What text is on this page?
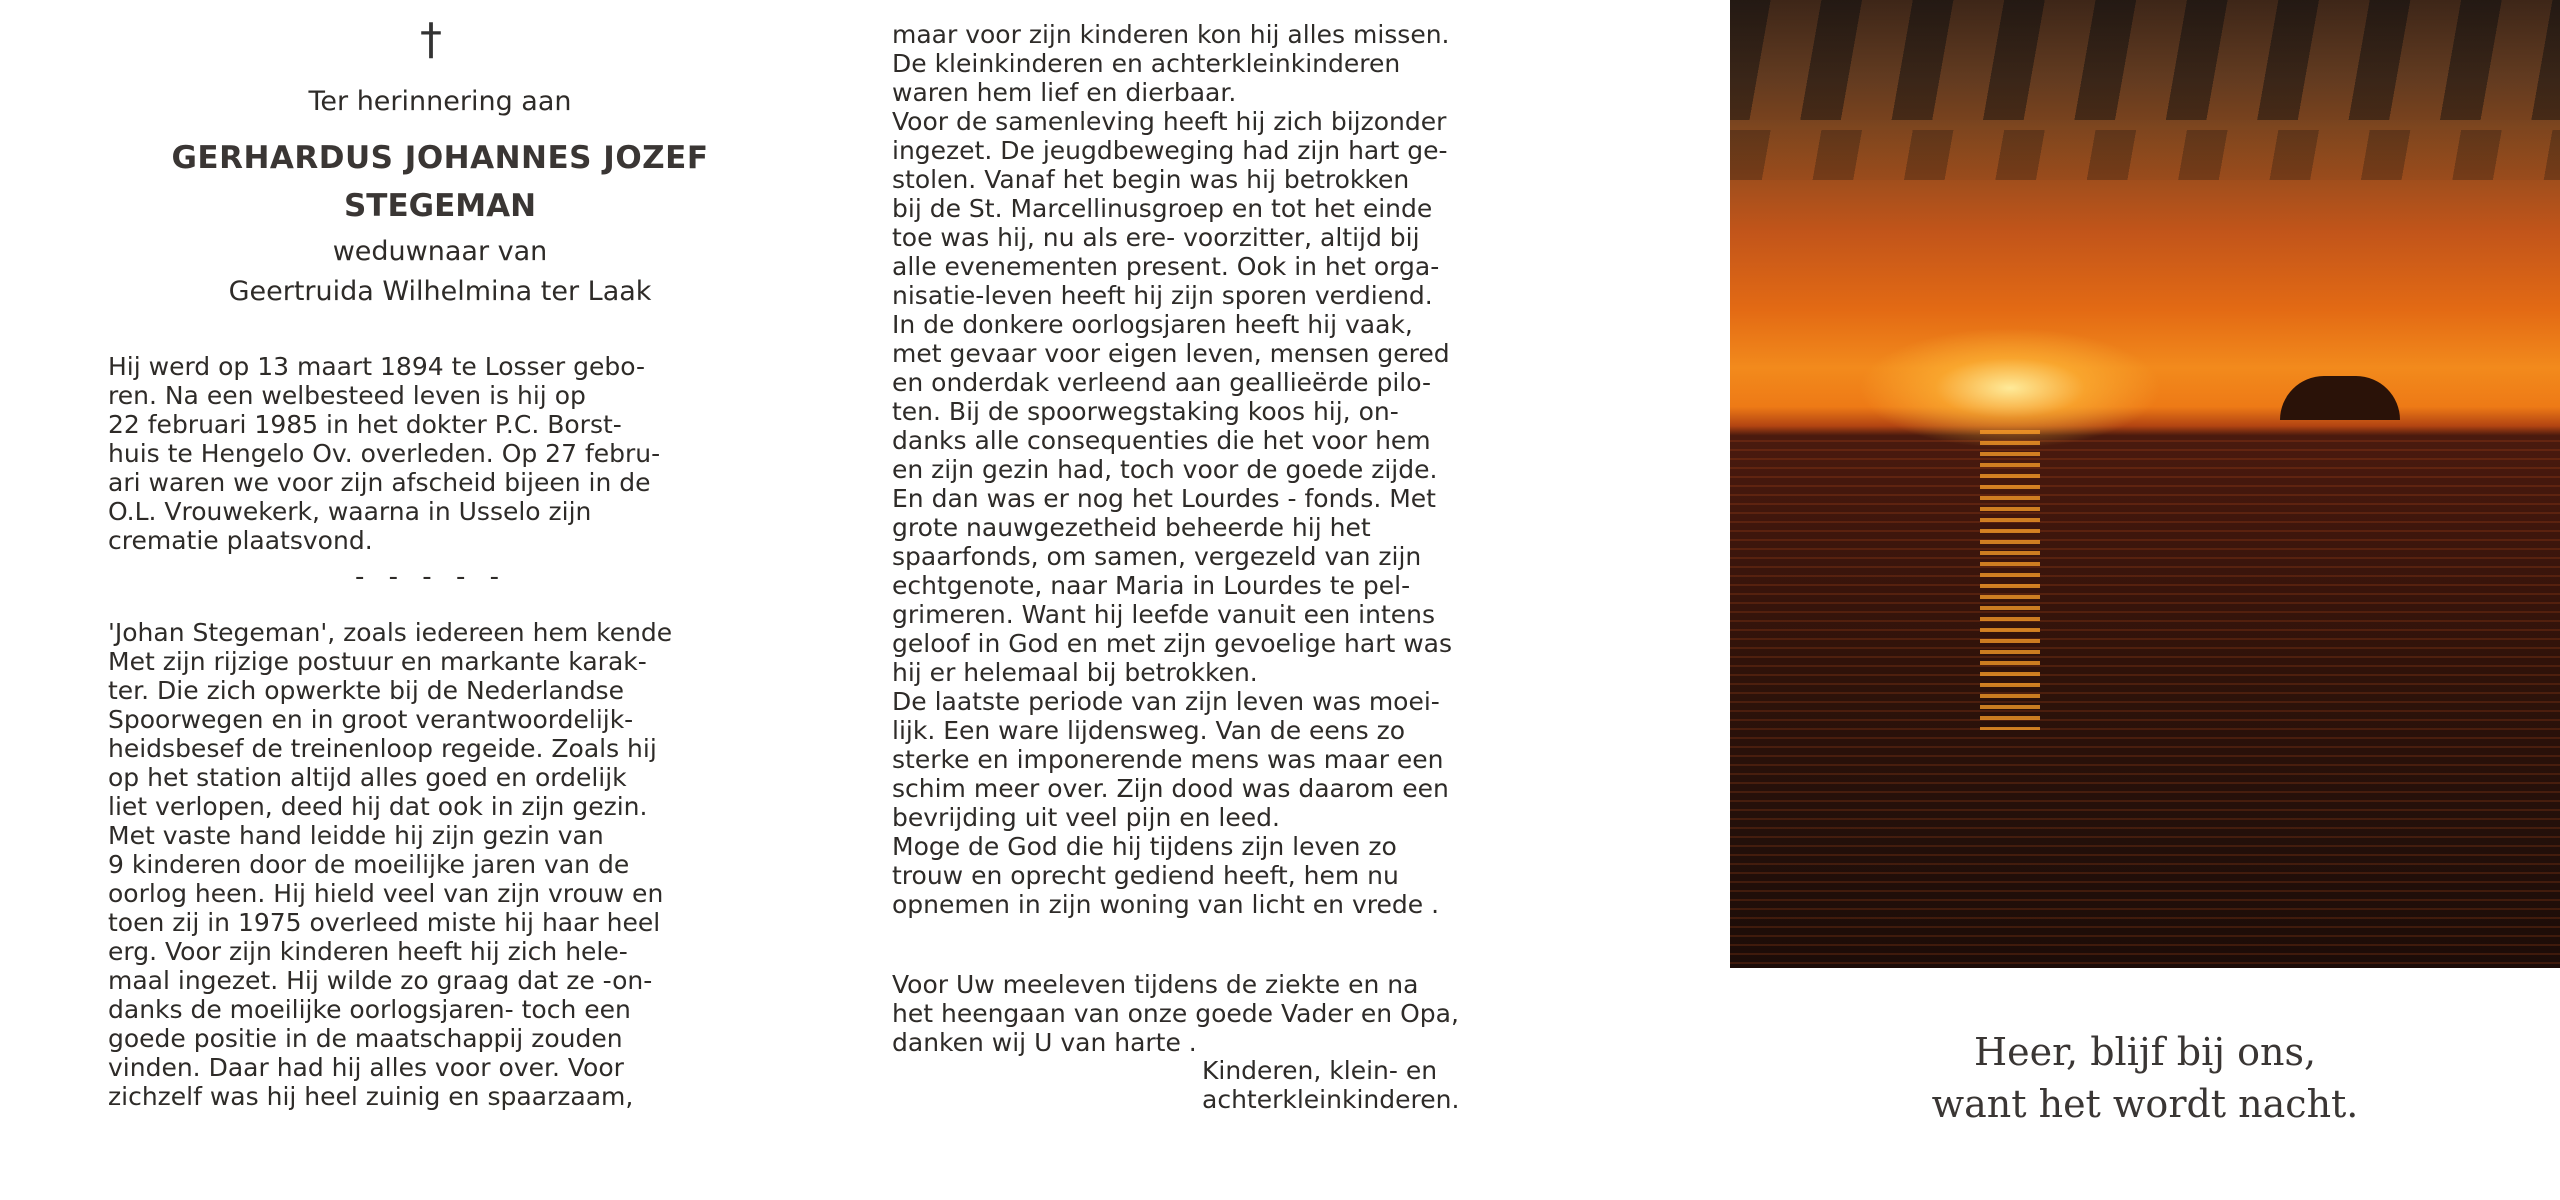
†
Ter herinnering aan
GERHARDUS JOHANNES JOZEF
STEGEMAN
weduwnaar van
Geertruida Wilhelmina ter Laak
Hij werd op 13 maart 1894 te Losser gebo-
ren. Na een welbesteed leven is hij op
22 februari 1985 in het dokter P.C. Borst-
huis te Hengelo Ov. overleden. Op 27 febru-
ari waren we voor zijn afscheid bijeen in de
O.L. Vrouwekerk, waarna in Usselo zijn
crematie plaatsvond.
- - - - -
'Johan Stegeman', zoals iedereen hem kende
Met zijn rijzige postuur en markante karak-
ter. Die zich opwerkte bij de Nederlandse
Spoorwegen en in groot verantwoordelijk-
heidsbesef de treinenloop regeide. Zoals hij
op het station altijd alles goed en ordelijk
liet verlopen, deed hij dat ook in zijn gezin.
Met vaste hand leidde hij zijn gezin van
9 kinderen door de moeilijke jaren van de
oorlog heen. Hij hield veel van zijn vrouw en
toen zij in 1975 overleed miste hij haar heel
erg. Voor zijn kinderen heeft hij zich hele-
maal ingezet. Hij wilde zo graag dat ze -on-
danks de moeilijke oorlogsjaren- toch een
goede positie in de maatschappij zouden
vinden. Daar had hij alles voor over. Voor
zichzelf was hij heel zuinig en spaarzaam,
maar voor zijn kinderen kon hij alles missen.
De kleinkinderen en achterkleinkinderen
waren hem lief en dierbaar.
Voor de samenleving heeft hij zich bijzonder
ingezet. De jeugdbeweging had zijn hart ge-
stolen. Vanaf het begin was hij betrokken
bij de St. Marcellinusgroep en tot het einde
toe was hij, nu als ere- voorzitter, altijd bij
alle evenementen present. Ook in het orga-
nisatie-leven heeft hij zijn sporen verdiend.
In de donkere oorlogsjaren heeft hij vaak,
met gevaar voor eigen leven, mensen gered
en onderdak verleend aan geallieërde pilo-
ten. Bij de spoorwegstaking koos hij, on-
danks alle consequenties die het voor hem
en zijn gezin had, toch voor de goede zijde.
En dan was er nog het Lourdes - fonds. Met
grote nauwgezetheid beheerde hij het
spaarfonds, om samen, vergezeld van zijn
echtgenote, naar Maria in Lourdes te pel-
grimeren. Want hij leefde vanuit een intens
geloof in God en met zijn gevoelige hart was
hij er helemaal bij betrokken.
De laatste periode van zijn leven was moei-
lijk. Een ware lijdensweg. Van de eens zo
sterke en imponerende mens was maar een
schim meer over. Zijn dood was daarom een
bevrijding uit veel pijn en leed.
Moge de God die hij tijdens zijn leven zo
trouw en oprecht gediend heeft, hem nu
opnemen in zijn woning van licht en vrede .
Voor Uw meeleven tijdens de ziekte en na
het heengaan van onze goede Vader en Opa,
danken wij U van harte .
Kinderen, klein- en
achterkleinkinderen.
Heer, blijf bij ons,
want het wordt nacht.
